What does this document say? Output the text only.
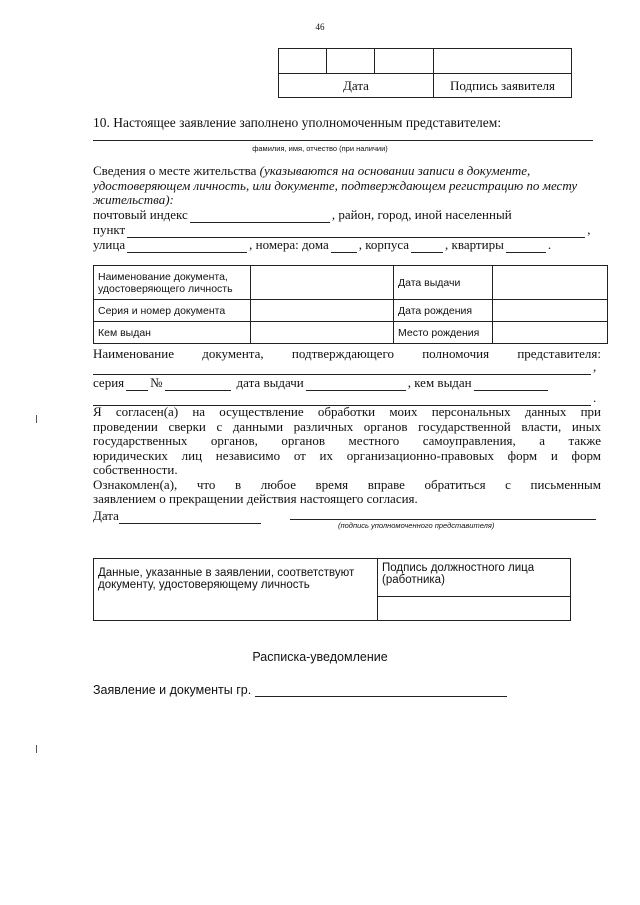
46

Дата			Подпись заявителя
10. Настоящее заявление заполнено уполномоченным представителем:
фамилия, имя, отчество (при наличии)
Сведения о месте жительства (указываются на основании записи в документе, удостоверяющем личность, или документе, подтверждающем регистрацию по месту жительства):
почтовый индекс	, район, город, иной населенный
пункт	,
улица	, номера: дома , корпуса	, квартиры	.
Наименование документа, удостоверяющего личность		Дата выдачи	
Серия и номер документа		Дата рождения	
Кем выдан		Место рождения	
Наименование документа, подтверждающего полномочия представителя:
,
серия №	дата выдачи	, кем выдан
.
Я согласен(а) на осуществление обработки моих персональных данных при
проведении сверки с данными различных органов государственной власти, иных
государственных органов, органов местного самоуправления, а также
юридических лиц независимо от их организационно-правовых форм и форм
собственности.
Ознакомлен(а), что в любое время вправе обратиться с письменным
заявлением о прекращении действия настоящего согласия.
Дата
(подпись уполномоченного представителя)
Данные, указанные в заявлении, соответствуют документу, удостоверяющему личность	Подпись должностного лица (работника)

Расписка-уведомление
Заявление и документы гр.
